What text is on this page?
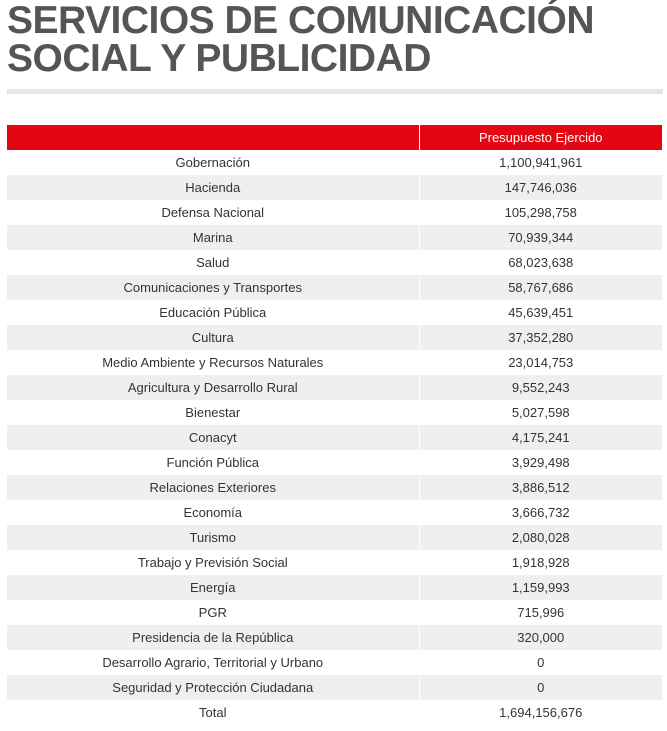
SERVICIOS DE COMUNICACIÓN
SOCIAL Y PUBLICIDAD
	Presupuesto Ejercido
Gobernación	1,100,941,961
Hacienda	147,746,036
Defensa Nacional	105,298,758
Marina	70,939,344
Salud	68,023,638
Comunicaciones y Transportes	58,767,686
Educación Pública	45,639,451
Cultura	37,352,280
Medio Ambiente y Recursos Naturales	23,014,753
Agricultura y Desarrollo Rural	9,552,243
Bienestar	5,027,598
Conacyt	4,175,241
Función Pública	3,929,498
Relaciones Exteriores	3,886,512
Economía	3,666,732
Turismo	2,080,028
Trabajo y Previsión Social	1,918,928
Energía	1,159,993
PGR	715,996
Presidencia de la República	320,000
Desarrollo Agrario, Territorial y Urbano	0
Seguridad y Protección Ciudadana	0
Total	1,694,156,676
